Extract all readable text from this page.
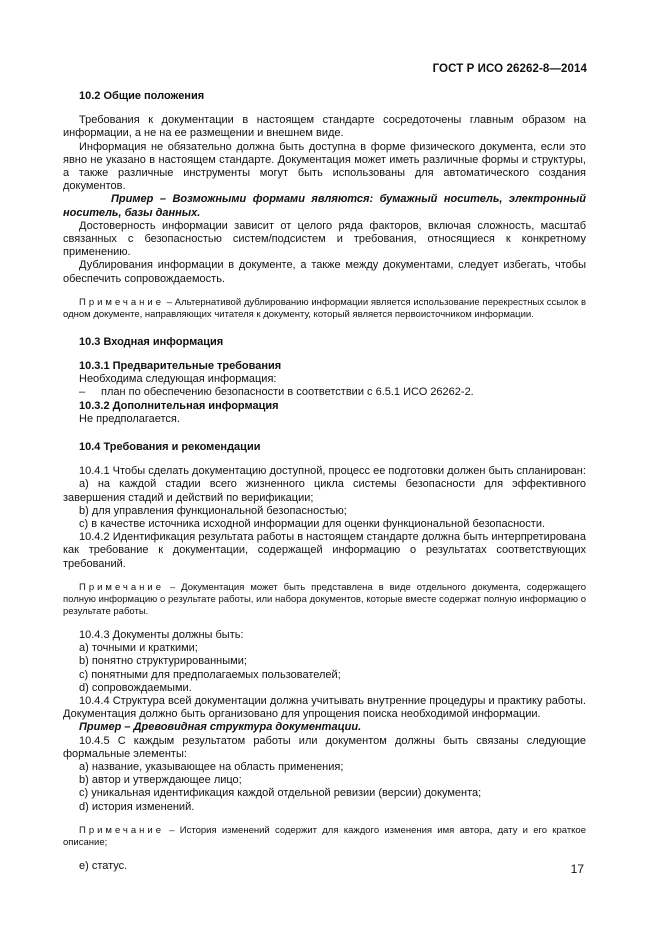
ГОСТ Р ИСО 26262-8—2014

10.2 Общие положения

Требования к документации в настоящем стандарте сосредоточены главным образом на информации, а не на ее размещении и внешнем виде.

Информация не обязательно должна быть доступна в форме физического документа, если это явно не указано в настоящем стандарте. Документация может иметь различные формы и структуры, а также различные инструменты могут быть использованы для автоматического создания документов.

Пример – Возможными формами являются: бумажный носитель, электронный носитель, базы данных.

Достоверность информации зависит от целого ряда факторов, включая сложность, масштаб связанных с безопасностью систем/подсистем и требования, относящиеся к конкретному применению.

Дублирования информации в документе, а также между документами, следует избегать, чтобы обеспечить сопровождаемость.

Примечание – Альтернативой дублированию информации является использование перекрестных ссылок в одном документе, направляющих читателя к документу, который является первоисточником информации.

10.3 Входная информация

10.3.1 Предварительные требования

Необходима следующая информация:

–	план по обеспечению безопасности в соответствии с 6.5.1 ИСО 26262-2.

10.3.2 Дополнительная информация

Не предполагается.

10.4 Требования и рекомендации

10.4.1 Чтобы сделать документацию доступной, процесс ее подготовки должен быть спланирован:

a) на каждой стадии всего жизненного цикла системы безопасности для эффективного завершения стадий и действий по верификации;

b) для управления функциональной безопасностью;

c) в качестве источника исходной информации для оценки функциональной безопасности.

10.4.2 Идентификация результата работы в настоящем стандарте должна быть интерпретирована как требование к документации, содержащей информацию о результатах соответствующих требований.

Примечание – Документация может быть представлена в виде отдельного документа, содержащего полную информацию о результате работы, или набора документов, которые вместе содержат полную информацию о результате работы.

10.4.3 Документы должны быть:

a) точными и краткими;

b) понятно структурированными;

c) понятными для предполагаемых пользователей;

d) сопровождаемыми.

10.4.4 Структура всей документации должна учитывать внутренние процедуры и практику работы. Документация должно быть организовано для упрощения поиска необходимой информации.

Пример – Древовидная структура документации.

10.4.5 С каждым результатом работы или документом должны быть связаны следующие формальные элементы:

a) название, указывающее на область применения;

b) автор и утверждающее лицо;

c) уникальная идентификация каждой отдельной ревизии (версии) документа;

d) история изменений.

Примечание – История изменений содержит для каждого изменения имя автора, дату и его краткое описание;

e) статус.	17
